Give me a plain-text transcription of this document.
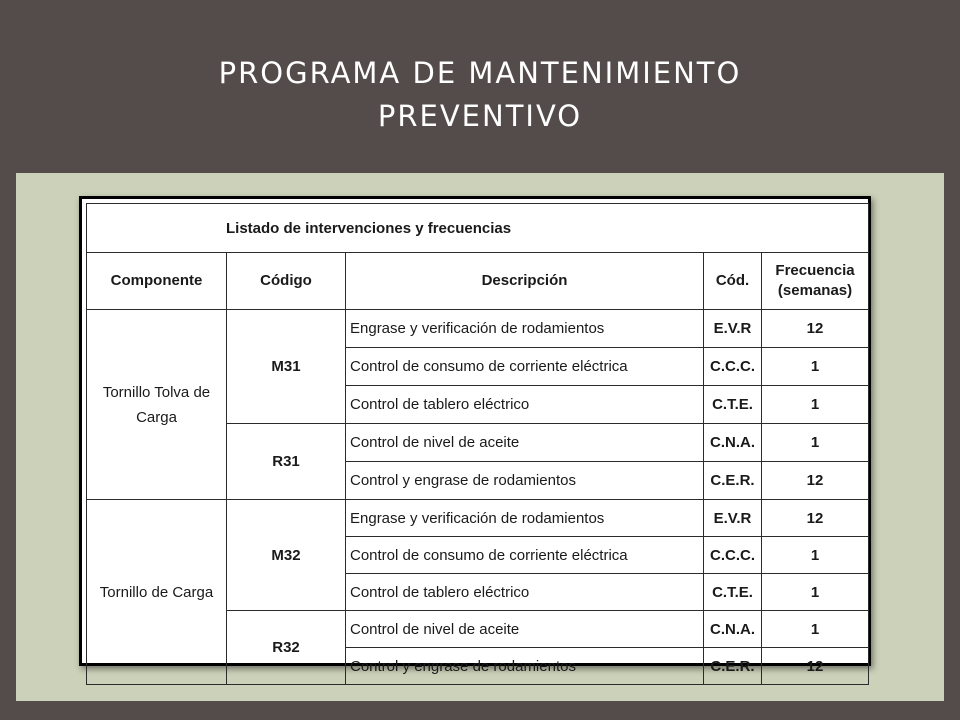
PROGRAMA DE MANTENIMIENTO
PREVENTIVO
Listado de intervenciones y frecuencias				
Componente	Código	Descripción	Cód.	Frecuencia
(semanas)
Tornillo Tolva de Carga	M31	Engrase y verificación de rodamientos	E.V.R	12
		Control de consumo de corriente eléctrica	C.C.C.	1
		Control de tablero eléctrico	C.T.E.	1
	R31	Control de nivel de aceite	C.N.A.	1
		Control y engrase de rodamientos	C.E.R.	12
Tornillo de Carga	M32	Engrase y verificación de rodamientos	E.V.R	12
		Control de consumo de corriente eléctrica	C.C.C.	1
		Control de tablero eléctrico	C.T.E.	1
	R32	Control de nivel de aceite	C.N.A.	1
		Control y engrase de rodamientos	C.E.R.	12
